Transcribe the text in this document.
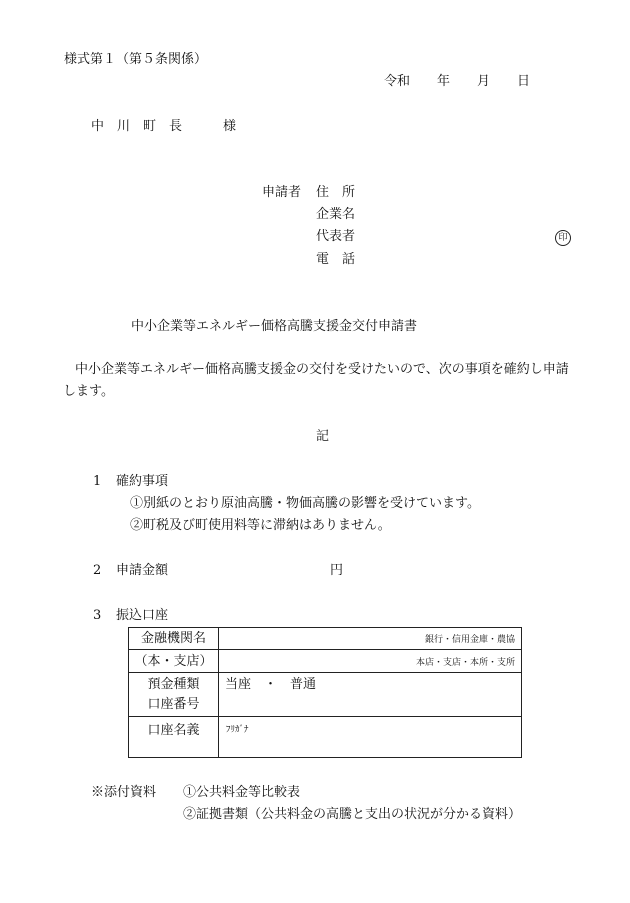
様式第１（第５条関係）
令和 年 月 日
中　川　町　長	様
申請者 住　所
企業名
代表者	印
電　話
中小企業等エネルギー価格高騰支援金交付申請書
中小企業等エネルギー価格高騰支援金の交付を受けたいので、次の事項を確約し申請
します。
記
1 確約事項
①別紙のとおり原油高騰・物価高騰の影響を受けています。
②町税及び町使用料等に滞納はありません。
2 申請金額	円
3 振込口座
金融機関名	銀行・信用金庫・農協

（本・支店）	本店・支店・本所・支所

預金種類
口座番号	当座　・　普通

口座名義	ﾌﾘｶﾞﾅ
※添付資料 ①公共料金等比較表
②証拠書類（公共料金の高騰と支出の状況が分かる資料）
